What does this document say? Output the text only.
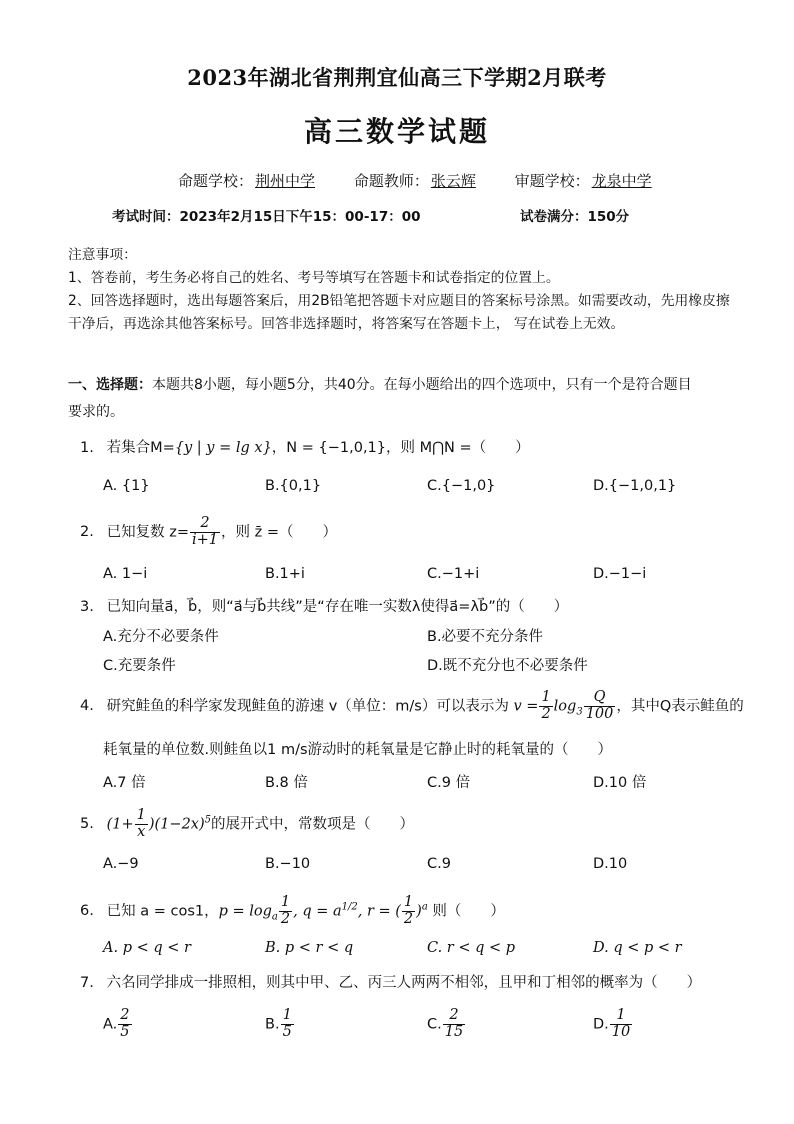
2023年湖北省荆荆宜仙高三下学期2月联考
高三数学试题
命题学校： 荆州中学	命题教师： 张云辉	审题学校： 龙泉中学
考试时间：2023年2月15日下午15：00-17：00	试卷满分：150分

注意事项：

1、答卷前，考生务必将自己的姓名、考号等填写在答题卡和试卷指定的位置上。

2、回答选择题时，选出每题答案后，用2B铅笔把答题卡对应题目的答案标号涂黑。如需要改动，先用橡皮擦

干净后，再选涂其他答案标号。回答非选择题时，将答案写在答题卡上， 写在试卷上无效。

一、选择题：本题共8小题，每小题5分，共40分。在每小题给出的四个选项中，只有一个是符合题目
要求的。
1. 若集合M={y | y = lg x}，N = {−1,0,1}，则 M⋂N =（　　）
A. {1}	B.{0,1}	C.{−1,0}	D.{−1,0,1}
2. 已知复数 $z= \frac{2}{i+1}$ ，则 z̄ =（　　）
A. 1−i	B.1+i	C.−1+i	D.−1−i
3. 已知向量a⃗，b⃗，则“a⃗与b⃗共线”是“存在唯一实数λ使得a⃗=λb⃗”的（　　）
A.充分不必要条件	B.必要不充分条件
C.充要条件	D.既不充分也不必要条件
4. 研究鲑鱼的科学家发现鲑鱼的游速 v（单位：m/s）可以表示为 $v = \frac{1}{2} \log_3 \frac{Q}{100}$ ，其中Q表示鲑鱼的
耗氧量的单位数.则鲑鱼以1 m/s游动时的耗氧量是它静止时的耗氧量的（　　）
A.7 倍	B.8 倍	C.9 倍	D.10 倍
5. $(1+ \frac{1}{x} )(1-2x)^5$的展开式中，常数项是（　　）
A.−9	B.−10	C.9	D.10
6. 已知 a = cos1，$p = \log_a \frac{1}{2}$ , $q = a^{1/2}$, r = ( $\frac{1}{2} )^a$ 则（　　）
A. p < q < r	B. p < r < q	C. r < q < p	D. q < p < r
7. 六名同学排成一排照相，则其中甲、乙、丙三人两两不相邻，且甲和丁相邻的概率为（　　）
A. $\frac{2}{5}$	B. $\frac{1}{5}$	C. $\frac{2}{15}$	D. $\frac{1}{10}$
